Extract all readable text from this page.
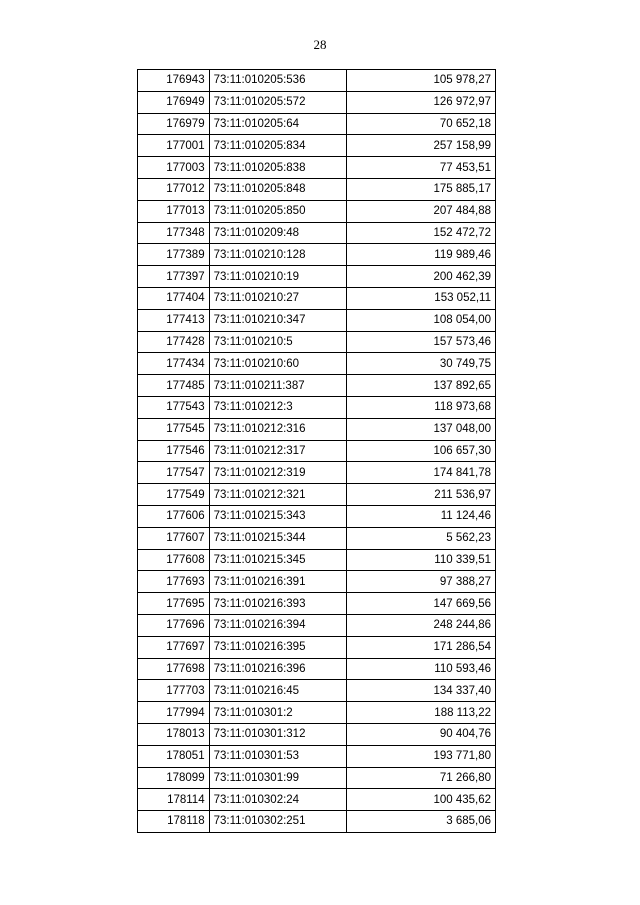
28
176943	73:11:010205:536	105 978,27
176949	73:11:010205:572	126 972,97
176979	73:11:010205:64	70 652,18
177001	73:11:010205:834	257 158,99
177003	73:11:010205:838	77 453,51
177012	73:11:010205:848	175 885,17
177013	73:11:010205:850	207 484,88
177348	73:11:010209:48	152 472,72
177389	73:11:010210:128	119 989,46
177397	73:11:010210:19	200 462,39
177404	73:11:010210:27	153 052,11
177413	73:11:010210:347	108 054,00
177428	73:11:010210:5	157 573,46
177434	73:11:010210:60	30 749,75
177485	73:11:010211:387	137 892,65
177543	73:11:010212:3	118 973,68
177545	73:11:010212:316	137 048,00
177546	73:11:010212:317	106 657,30
177547	73:11:010212:319	174 841,78
177549	73:11:010212:321	211 536,97
177606	73:11:010215:343	11 124,46
177607	73:11:010215:344	5 562,23
177608	73:11:010215:345	110 339,51
177693	73:11:010216:391	97 388,27
177695	73:11:010216:393	147 669,56
177696	73:11:010216:394	248 244,86
177697	73:11:010216:395	171 286,54
177698	73:11:010216:396	110 593,46
177703	73:11:010216:45	134 337,40
177994	73:11:010301:2	188 113,22
178013	73:11:010301:312	90 404,76
178051	73:11:010301:53	193 771,80
178099	73:11:010301:99	71 266,80
178114	73:11:010302:24	100 435,62
178118	73:11:010302:251	3 685,06
